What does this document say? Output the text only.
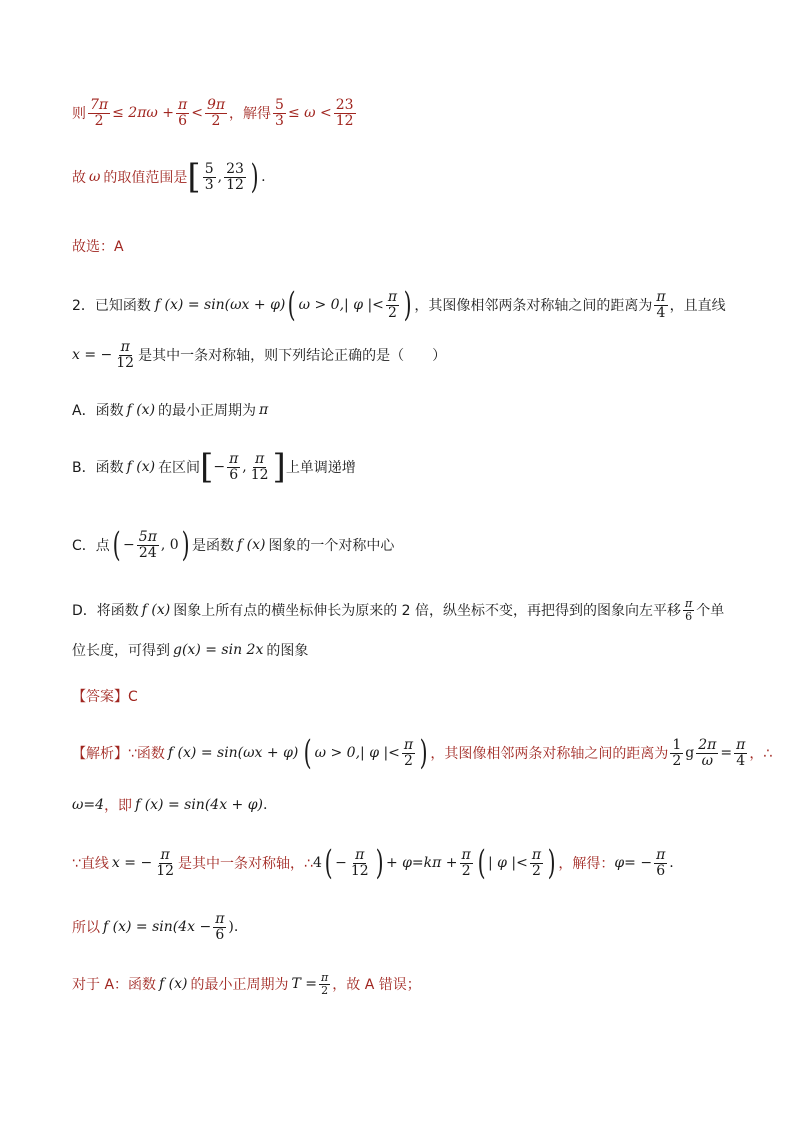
则 $\frac{7\pi}{2} \le 2\pi\omega + \frac{\pi}{6} < \frac{9\pi}{2}$ ，解得 $\frac{5}{3} \le \omega < \frac{23}{12}$
故 ω 的取值范围是 [ $\frac{5}{3}$ , $\frac{23}{12}$ ) .
故选：A
2．已知函数 f (x) = sin(ωx + φ) ( ω > 0,| φ |< $\frac{\pi}{2}$ ) ，其图像相邻两条对称轴之间的距离为 $\frac{\pi}{4}$ ，且直线
x = − $\frac{\pi}{12}$ 是其中一条对称轴，则下列结论正确的是（　　）
A．函数 f (x) 的最小正周期为 π
B．函数 f (x) 在区间 [ − $\frac{\pi}{6}$ , $\frac{\pi}{12}$ ] 上单调递增
C．点 ( − $\frac{5\pi}{24}$ , 0 ) 是函数 f (x) 图象的一个对称中心
D．将函数 f (x) 图象上所有点的横坐标伸长为原来的 2 倍，纵坐标不变，再把得到的图象向左平移 $\frac{\pi}{6}$ 个单
位长度，可得到 g(x) = sin 2x 的图象
【答案】C
【解析】 ∵函数 f (x) = sin(ωx + φ) ( ω > 0,| φ |< $\frac{\pi}{2}$ ) ，其图像相邻两条对称轴之间的距离为 $\frac{1}{2}$ g $\frac{2\pi}{\omega} = \frac{\pi}{4}$ ，∴
ω=4 ，即 f (x) = sin(4x + φ) .
∵直线 x = − $\frac{\pi}{12}$ 是其中一条对称轴，∴ 4 ( − $\frac{\pi}{12}$ ) + $\varphi=k\pi + \frac{\pi}{2}$ ( | φ |< $\frac{\pi}{2}$ ) ，解得： $\varphi= - \frac{\pi}{6}$ .
所以 f $(x) = \sin(4x - \frac{\pi}{6}$ ).
对于 A：函数 f (x) 的最小正周期为 $T = \frac{\pi}{2}$ ，故 A 错误；
